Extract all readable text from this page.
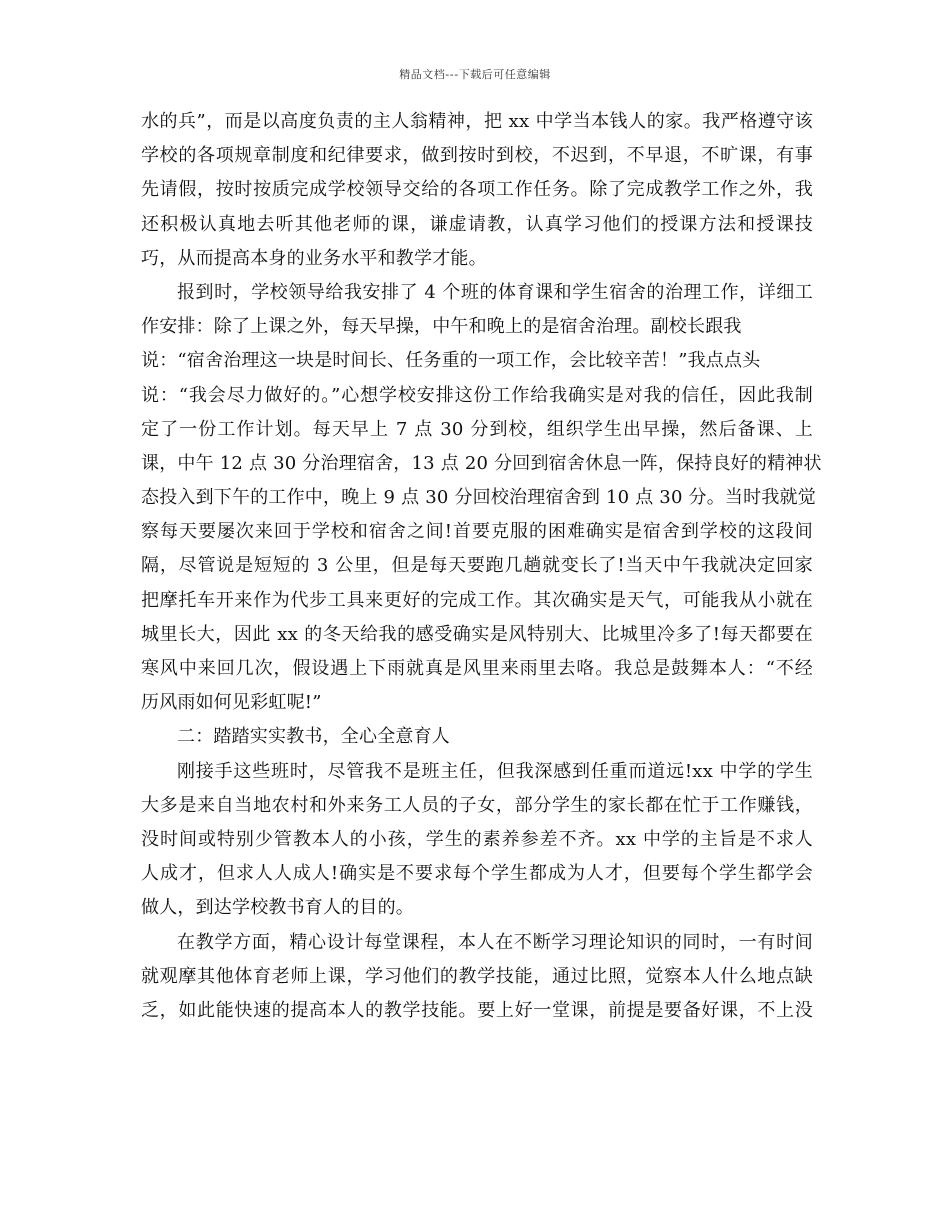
精品文档---下载后可任意编辑
水的兵”，而是以高度负责的主人翁精神，把 xx 中学当本钱人的家。我严格遵守该
学校的各项规章制度和纪律要求，做到按时到校，不迟到，不早退，不旷课，有事
先请假，按时按质完成学校领导交给的各项工作任务。除了完成教学工作之外，我
还积极认真地去听其他老师的课，谦虚请教，认真学习他们的授课方法和授课技
巧，从而提高本身的业务水平和教学才能。
报到时，学校领导给我安排了 4 个班的体育课和学生宿舍的治理工作，详细工
作安排：除了上课之外，每天早操，中午和晚上的是宿舍治理。副校长跟我
说：“宿舍治理这一块是时间长、任务重的一项工作，会比较辛苦！”我点点头
说：“我会尽力做好的。”心想学校安排这份工作给我确实是对我的信任，因此我制
定了一份工作计划。每天早上 7 点 30 分到校，组织学生出早操，然后备课、上
课，中午 12 点 30 分治理宿舍，13 点 20 分回到宿舍休息一阵，保持良好的精神状
态投入到下午的工作中，晚上 9 点 30 分回校治理宿舍到 10 点 30 分。当时我就觉
察每天要屡次来回于学校和宿舍之间!首要克服的困难确实是宿舍到学校的这段间
隔，尽管说是短短的 3 公里，但是每天要跑几趟就变长了!当天中午我就决定回家
把摩托车开来作为代步工具来更好的完成工作。其次确实是天气，可能我从小就在
城里长大，因此 xx 的冬天给我的感受确实是风特别大、比城里冷多了!每天都要在
寒风中来回几次，假设遇上下雨就真是风里来雨里去咯。我总是鼓舞本人：“不经
历风雨如何见彩虹呢!”
二：踏踏实实教书，全心全意育人
刚接手这些班时，尽管我不是班主任，但我深感到任重而道远!xx 中学的学生
大多是来自当地农村和外来务工人员的子女，部分学生的家长都在忙于工作赚钱，
没时间或特别少管教本人的小孩，学生的素养参差不齐。xx 中学的主旨是不求人
人成才，但求人人成人!确实是不要求每个学生都成为人才，但要每个学生都学会
做人，到达学校教书育人的目的。
在教学方面，精心设计每堂课程，本人在不断学习理论知识的同时，一有时间
就观摩其他体育老师上课，学习他们的教学技能，通过比照，觉察本人什么地点缺
乏，如此能快速的提高本人的教学技能。要上好一堂课，前提是要备好课，不上没
